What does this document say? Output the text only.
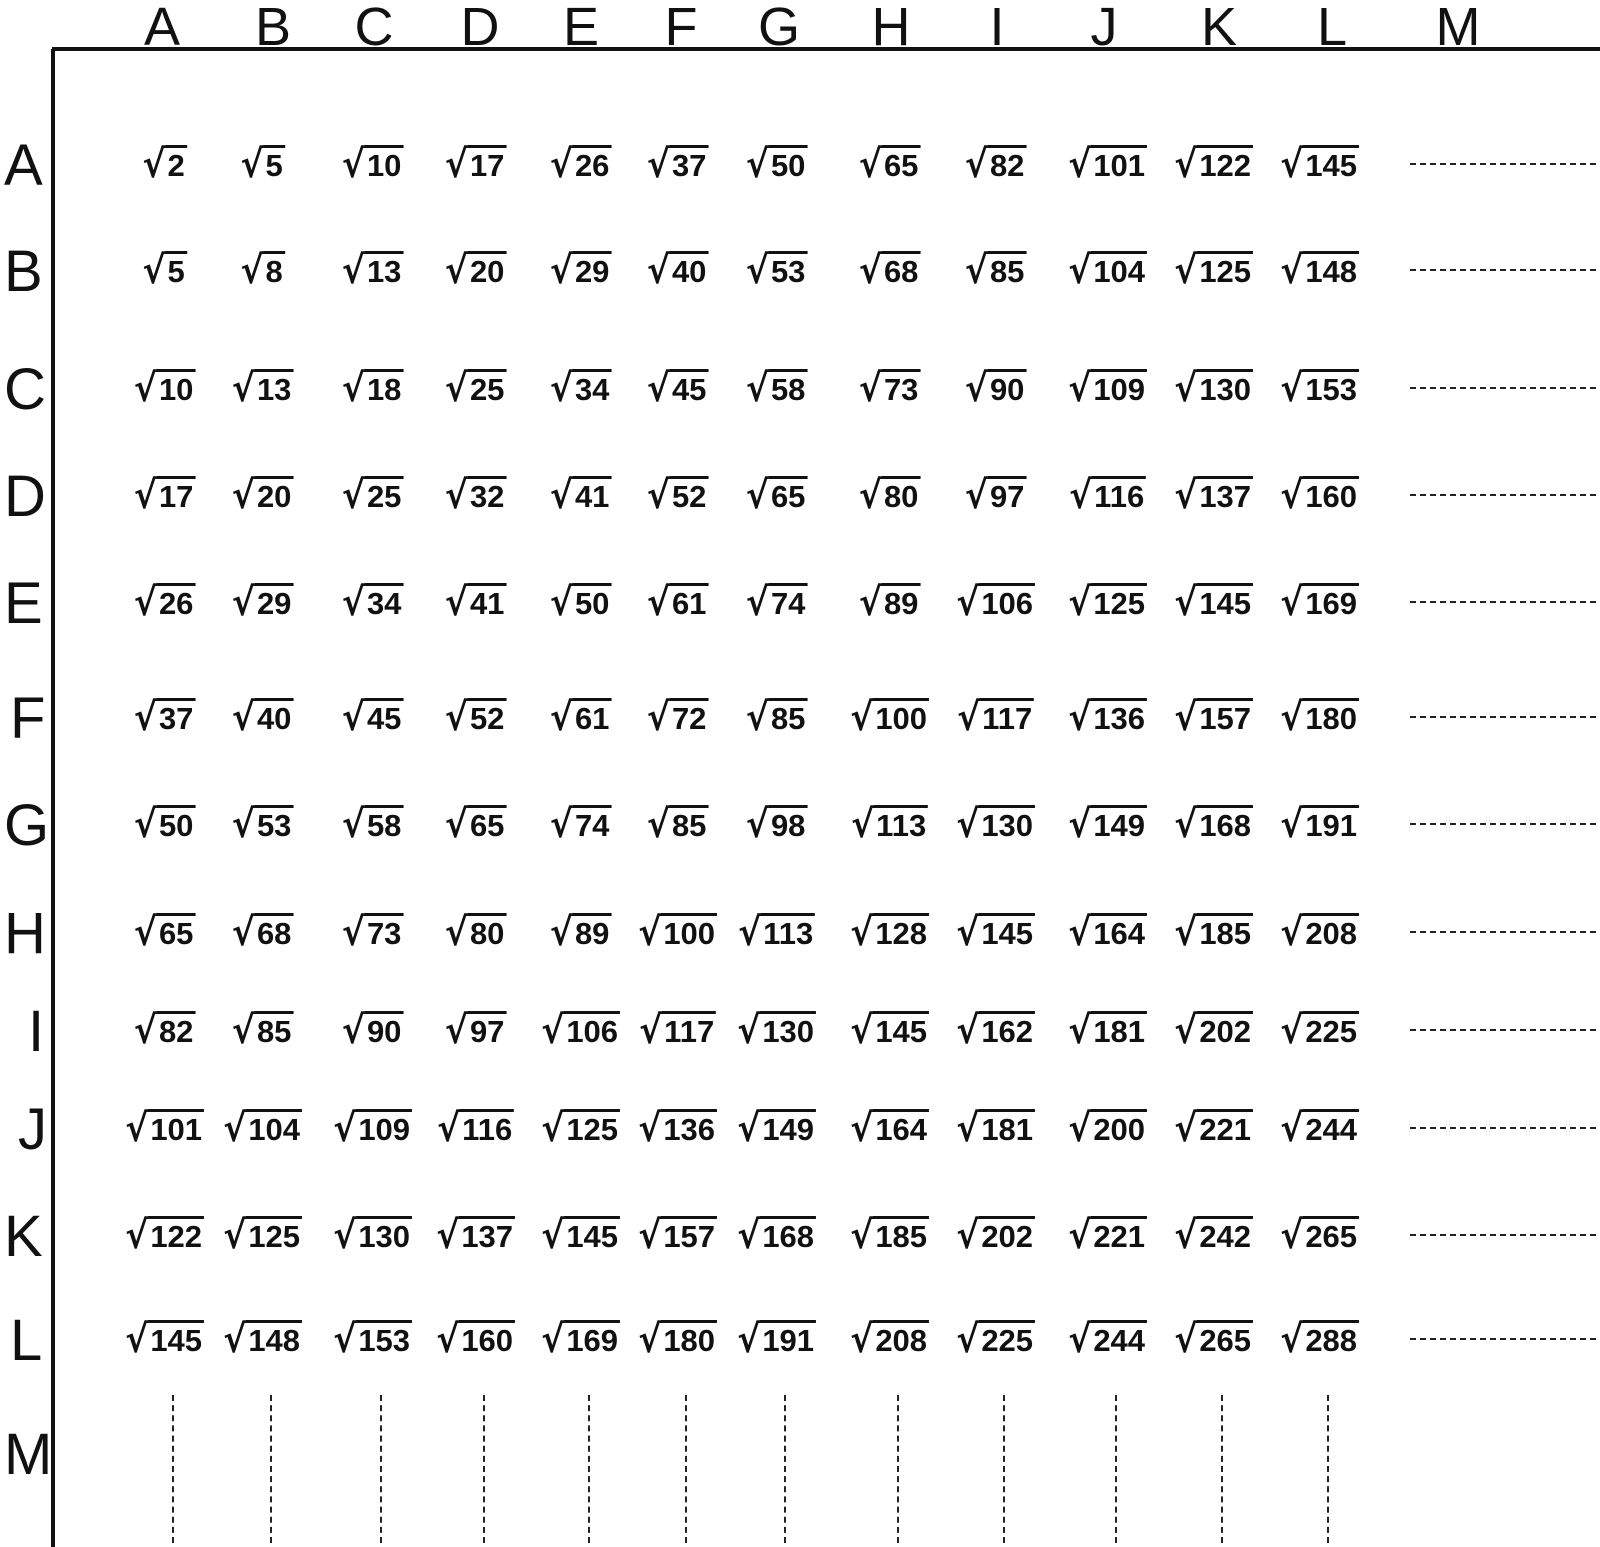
A B C D E F G H I J K L M
A
B
C
D
E
F
G
H
I
J
K
L
M
√ 2 √ 5 √ 10 √ 17 √ 26 √ 37 √ 50 √ 65 √ 82 √ 101 √ 122 √ 145
√ 5 √ 8 √ 13 √ 20 √ 29 √ 40 √ 53 √ 68 √ 85 √ 104 √ 125 √ 148
√ 10 √ 13 √ 18 √ 25 √ 34 √ 45 √ 58 √ 73 √ 90 √ 109 √ 130 √ 153
√ 17 √ 20 √ 25 √ 32 √ 41 √ 52 √ 65 √ 80 √ 97 √ 116 √ 137 √ 160
√ 26 √ 29 √ 34 √ 41 √ 50 √ 61 √ 74 √ 89 √ 106 √ 125 √ 145 √ 169
√ 37 √ 40 √ 45 √ 52 √ 61 √ 72 √ 85 √ 100 √ 117 √ 136 √ 157 √ 180
√ 50 √ 53 √ 58 √ 65 √ 74 √ 85 √ 98 √ 113 √ 130 √ 149 √ 168 √ 191
√ 65 √ 68 √ 73 √ 80 √ 89 √ 100 √ 113 √ 128 √ 145 √ 164 √ 185 √ 208
√ 82 √ 85 √ 90 √ 97 √ 106 √ 117 √ 130 √ 145 √ 162 √ 181 √ 202 √ 225
√ 101 √ 104 √ 109 √ 116 √ 125 √ 136 √ 149 √ 164 √ 181 √ 200 √ 221 √ 244
√ 122 √ 125 √ 130 √ 137 √ 145 √ 157 √ 168 √ 185 √ 202 √ 221 √ 242 √ 265
√ 145 √ 148 √ 153 √ 160 √ 169 √ 180 √ 191 √ 208 √ 225 √ 244 √ 265 √ 288
